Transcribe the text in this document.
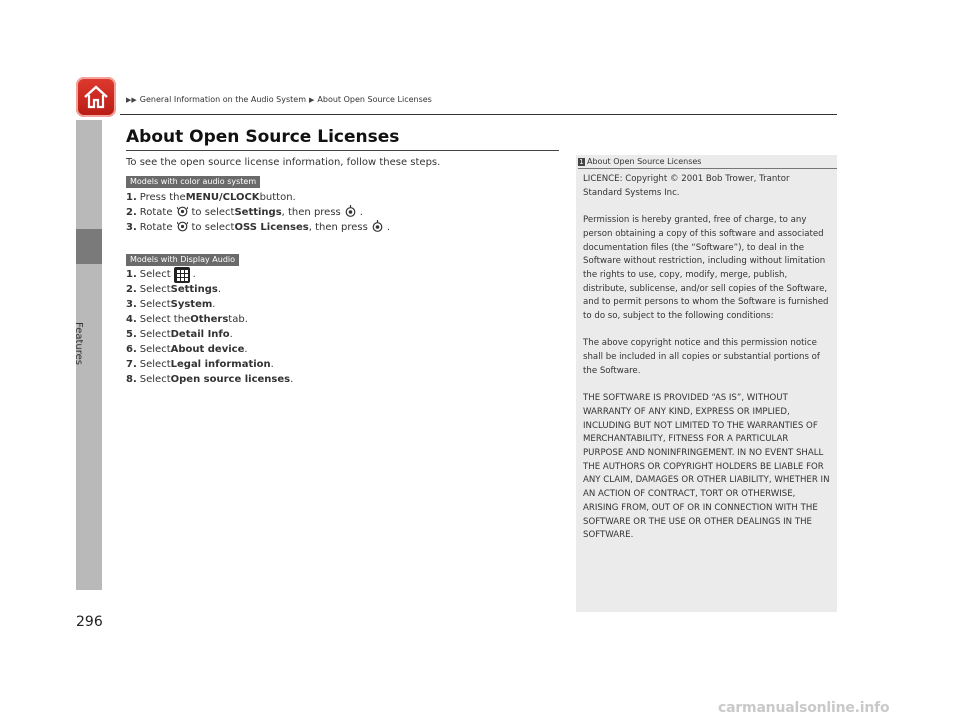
Features
▶▶ General Information on the Audio System ▶ About Open Source Licenses
About Open Source Licenses
To see the open source license information, follow these steps.
Models with color audio system
1. Press the MENU/CLOCK button.
2. Rotate to select Settings , then press .
3. Rotate to select OSS Licenses , then press .
Models with Display Audio
1. Select .
2. Select Settings .
3. Select System .
4. Select the Others tab.
5. Select Detail Info .
6. Select About device .
7. Select Legal information .
8. Select Open source licenses .
1 About Open Source Licenses

LICENCE: Copyright © 2001 Bob Trower, Trantor Standard Systems Inc.

Permission is hereby granted, free of charge, to any person obtaining a copy of this software and associated documentation files (the “Software”), to deal in the Software without restriction, including without limitation the rights to use, copy, modify, merge, publish, distribute, sublicense, and/or sell copies of the Software, and to permit persons to whom the Software is furnished to do so, subject to the following conditions:

The above copyright notice and this permission notice shall be included in all copies or substantial portions of the Software.

THE SOFTWARE IS PROVIDED “AS IS”, WITHOUT WARRANTY OF ANY KIND, EXPRESS OR IMPLIED, INCLUDING BUT NOT LIMITED TO THE WARRANTIES OF MERCHANTABILITY, FITNESS FOR A PARTICULAR PURPOSE AND NONINFRINGEMENT. IN NO EVENT SHALL THE AUTHORS OR COPYRIGHT HOLDERS BE LIABLE FOR ANY CLAIM, DAMAGES OR OTHER LIABILITY, WHETHER IN AN ACTION OF CONTRACT, TORT OR OTHERWISE, ARISING FROM, OUT OF OR IN CONNECTION WITH THE SOFTWARE OR THE USE OR OTHER DEALINGS IN THE SOFTWARE.

296
carmanualsonline.info
